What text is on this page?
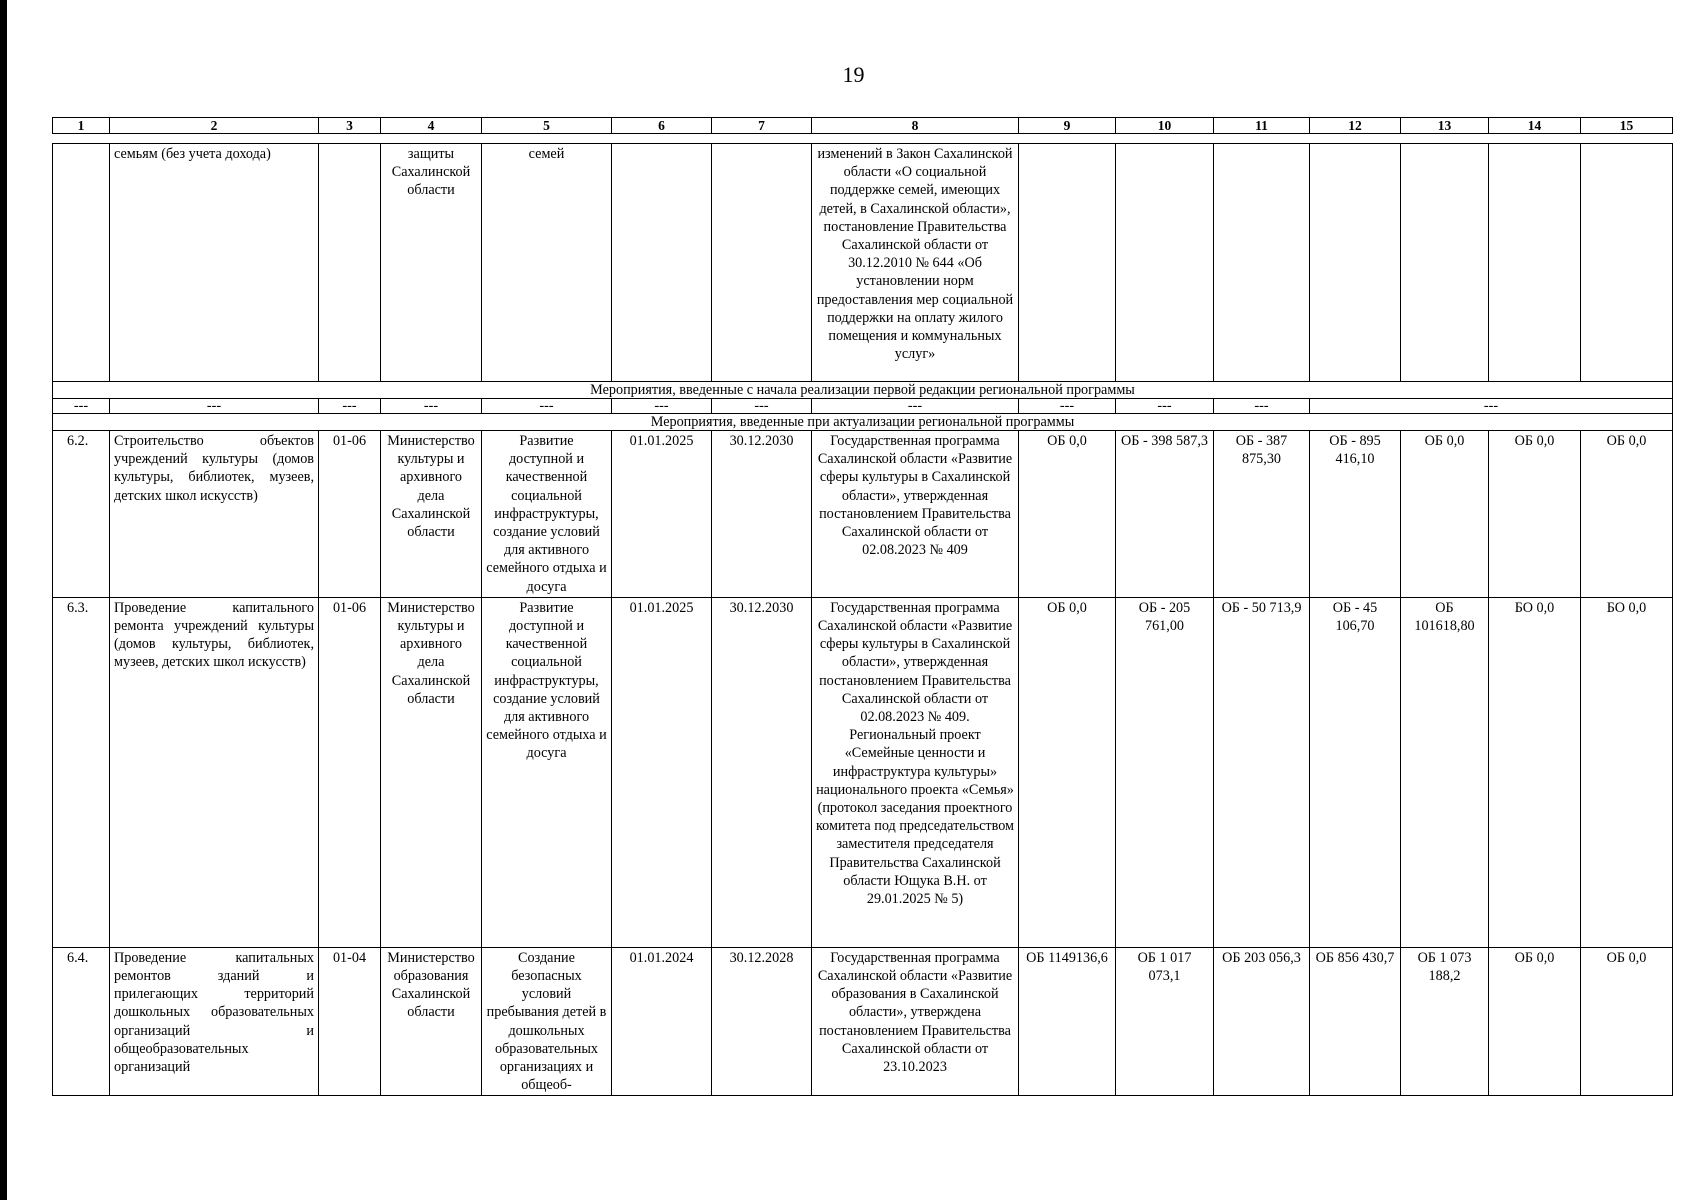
19
1	2	3	4	5	6	7	8	9	10	11	12	13	14	15

	семьям (без учета дохода)		защиты Сахалинской области	семей			изменений в Закон Сахалинской области «О социальной поддержке семей, имеющих детей, в Сахалинской области», постановление Правительства Сахалинской области от 30.12.2010 № 644 «Об установлении норм предоставления мер социальной поддержки на оплату жилого помещения и коммунальных услуг»							
Мероприятия, введенные с начала реализации первой редакции региональной программы														
---	---	---	---	---	---	---	---	---	---	---	---			
Мероприятия, введенные при актуализации региональной программы														
6.2.	Строительство объектов учреждений культуры (домов культуры, библиотек, музеев, детских школ искусств)	01-06	Министерство культуры и архивного дела Сахалинской области	Развитие доступной и качественной социальной инфраструктуры, создание условий для активного семейного отдыха и досуга	01.01.2025	30.12.2030	Государственная программа Сахалинской области «Развитие сферы культуры в Сахалинской области», утвержденная постановлением Правительства Сахалинской области от 02.08.2023 № 409	ОБ 0,0	ОБ - 398 587,3	ОБ - 387 875,30	ОБ - 895 416,10	ОБ 0,0	ОБ 0,0	ОБ 0,0
6.3.	Проведение капитального ремонта учреждений культуры (домов культуры, библиотек, музеев, детских школ искусств)	01-06	Министерство культуры и архивного дела Сахалинской области	Развитие доступной и качественной социальной инфраструктуры, создание условий для активного семейного отдыха и досуга	01.01.2025	30.12.2030	Государственная программа Сахалинской области «Развитие сферы культуры в Сахалинской области», утвержденная постановлением Правительства Сахалинской области от 02.08.2023 № 409. Региональный проект «Семейные ценности и инфраструктура культуры» национального проекта «Семья» (протокол заседания проектного комитета под председательством заместителя председателя Правительства Сахалинской области Ющука В.Н. от 29.01.2025 № 5)	ОБ 0,0	ОБ - 205 761,00	ОБ - 50 713,9	ОБ - 45 106,70	ОБ 101618,80	БО 0,0	БО 0,0
6.4.	Проведение капитальных ремонтов зданий и прилегающих территорий дошкольных образовательных организаций и общеобразовательных организаций	01-04	Министерство образования Сахалинской области	Создание безопасных условий пребывания детей в дошкольных образовательных организациях и общеоб-	01.01.2024	30.12.2028	Государственная программа Сахалинской области «Развитие образования в Сахалинской области», утверждена постановлением Правительства Сахалинской области от 23.10.2023	ОБ 1149136,6	ОБ 1 017 073,1	ОБ 203 056,3	ОБ 856 430,7	ОБ 1 073 188,2	ОБ 0,0	ОБ 0,0
